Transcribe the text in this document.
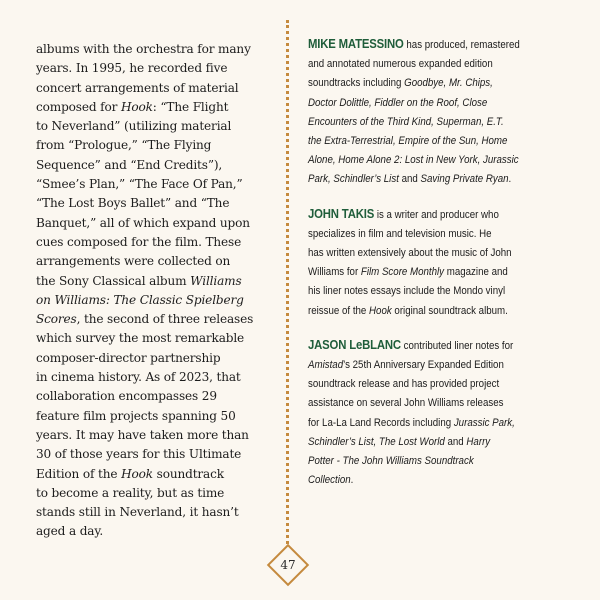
albums with the orchestra for many
years. In 1995, he recorded five
concert arrangements of material
composed for Hook: “The Flight
to Neverland” (utilizing material
from “Prologue,” “The Flying
Sequence” and “End Credits”),
“Smee’s Plan,” “The Face Of Pan,”
“The Lost Boys Ballet” and “The
Banquet,” all of which expand upon
cues composed for the film. These
arrangements were collected on
the Sony Classical album Williams
on Williams: The Classic Spielberg
Scores, the second of three releases
which survey the most remarkable
composer-director partnership
in cinema history. As of 2023, that
collaboration encompasses 29
feature film projects spanning 50
years. It may have taken more than
30 of those years for this Ultimate
Edition of the Hook soundtrack
to become a reality, but as time
stands still in Neverland, it hasn’t
aged a day.
MIKE MATESSINO has produced, remastered
and annotated numerous expanded edition
soundtracks including Goodbye, Mr. Chips,
Doctor Dolittle, Fiddler on the Roof, Close
Encounters of the Third Kind, Superman, E.T.
the Extra-Terrestrial, Empire of the Sun, Home
Alone, Home Alone 2: Lost in New York, Jurassic
Park, Schindler’s List and Saving Private Ryan.
JOHN TAKIS is a writer and producer who
specializes in film and television music. He
has written extensively about the music of John
Williams for Film Score Monthly magazine and
his liner notes essays include the Mondo vinyl
reissue of the Hook original soundtrack album.
JASON LeBLANC contributed liner notes for
Amistad’s 25th Anniversary Expanded Edition
soundtrack release and has provided project
assistance on several John Williams releases
for La-La Land Records including Jurassic Park,
Schindler’s List, The Lost World and Harry
Potter - The John Williams Soundtrack
Collection.
47
